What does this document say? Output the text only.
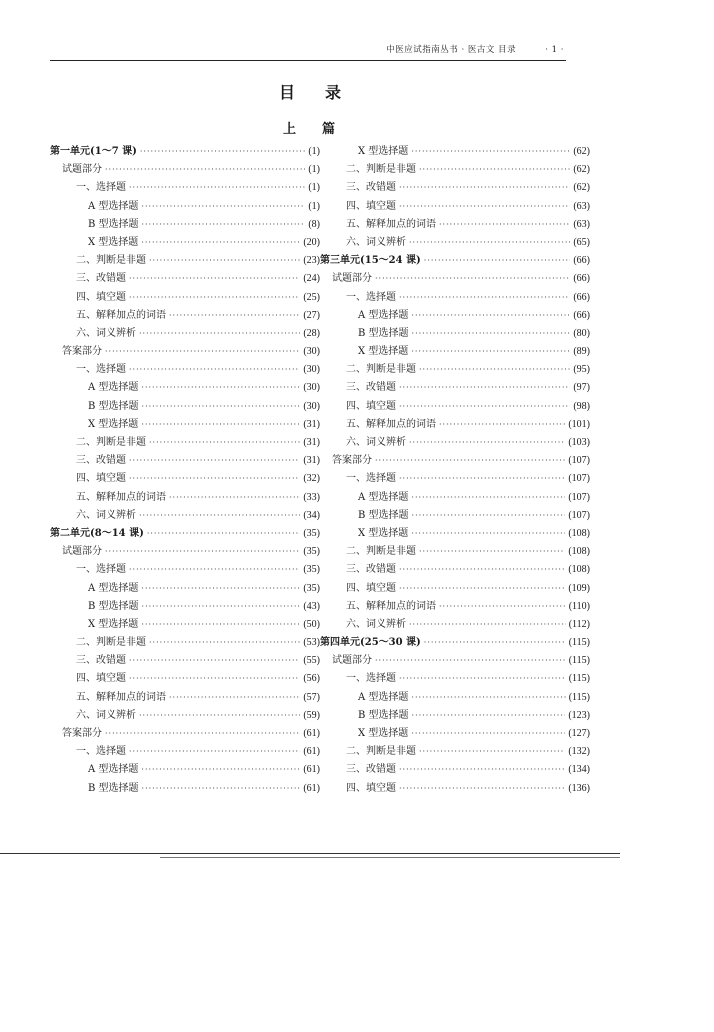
中医应试指南丛书 · 医古文 目录	· 1 ·
目录
上篇
第一单元(1～7 课) ·····	(1)
试题部分 ·····	(1)
一、选择题 ·····	(1)
A 型选择题 ·····	(1)
B 型选择题 ·····	(8)
X 型选择题 ·····	(20)
二、判断是非题 ·····	(23)
三、改错题 ·····	(24)
四、填空题 ·····	(25)
五、解释加点的词语 ·····	(27)
六、词义辨析 ·····	(28)
答案部分 ·····	(30)
一、选择题 ·····	(30)
A 型选择题 ·····	(30)
B 型选择题 ·····	(30)
X 型选择题 ·····	(31)
二、判断是非题 ·····	(31)
三、改错题 ·····	(31)
四、填空题 ·····	(32)
五、解释加点的词语 ·····	(33)
六、词义辨析 ·····	(34)
第二单元(8～14 课) ·····	(35)
试题部分 ·····	(35)
一、选择题 ·····	(35)
A 型选择题 ·····	(35)
B 型选择题 ·····	(43)
X 型选择题 ·····	(50)
二、判断是非题 ·····	(53)
三、改错题 ·····	(55)
四、填空题 ·····	(56)
五、解释加点的词语 ·····	(57)
六、词义辨析 ·····	(59)
答案部分 ·····	(61)
一、选择题 ·····	(61)
A 型选择题 ·····	(61)
B 型选择题 ·····	(61)
X 型选择题 ·····	(62)
二、判断是非题 ·····	(62)
三、改错题 ·····	(62)
四、填空题 ·····	(63)
五、解释加点的词语 ·····	(63)
六、词义辨析 ·····	(65)
第三单元(15～24 课) ·····	(66)
试题部分 ·····	(66)
一、选择题 ·····	(66)
A 型选择题 ·····	(66)
B 型选择题 ·····	(80)
X 型选择题 ·····	(89)
二、判断是非题 ·····	(95)
三、改错题 ·····	(97)
四、填空题 ·····	(98)
五、解释加点的词语 ·····	(101)
六、词义辨析 ·····	(103)
答案部分 ·····	(107)
一、选择题 ·····	(107)
A 型选择题 ·····	(107)
B 型选择题 ·····	(107)
X 型选择题 ·····	(108)
二、判断是非题 ·····	(108)
三、改错题 ·····	(108)
四、填空题 ·····	(109)
五、解释加点的词语 ·····	(110)
六、词义辨析 ·····	(112)
第四单元(25～30 课) ·····	(115)
试题部分 ·····	(115)
一、选择题 ·····	(115)
A 型选择题 ·····	(115)
B 型选择题 ·····	(123)
X 型选择题 ·····	(127)
二、判断是非题 ·····	(132)
三、改错题 ·····	(134)
四、填空题 ·····	(136)
